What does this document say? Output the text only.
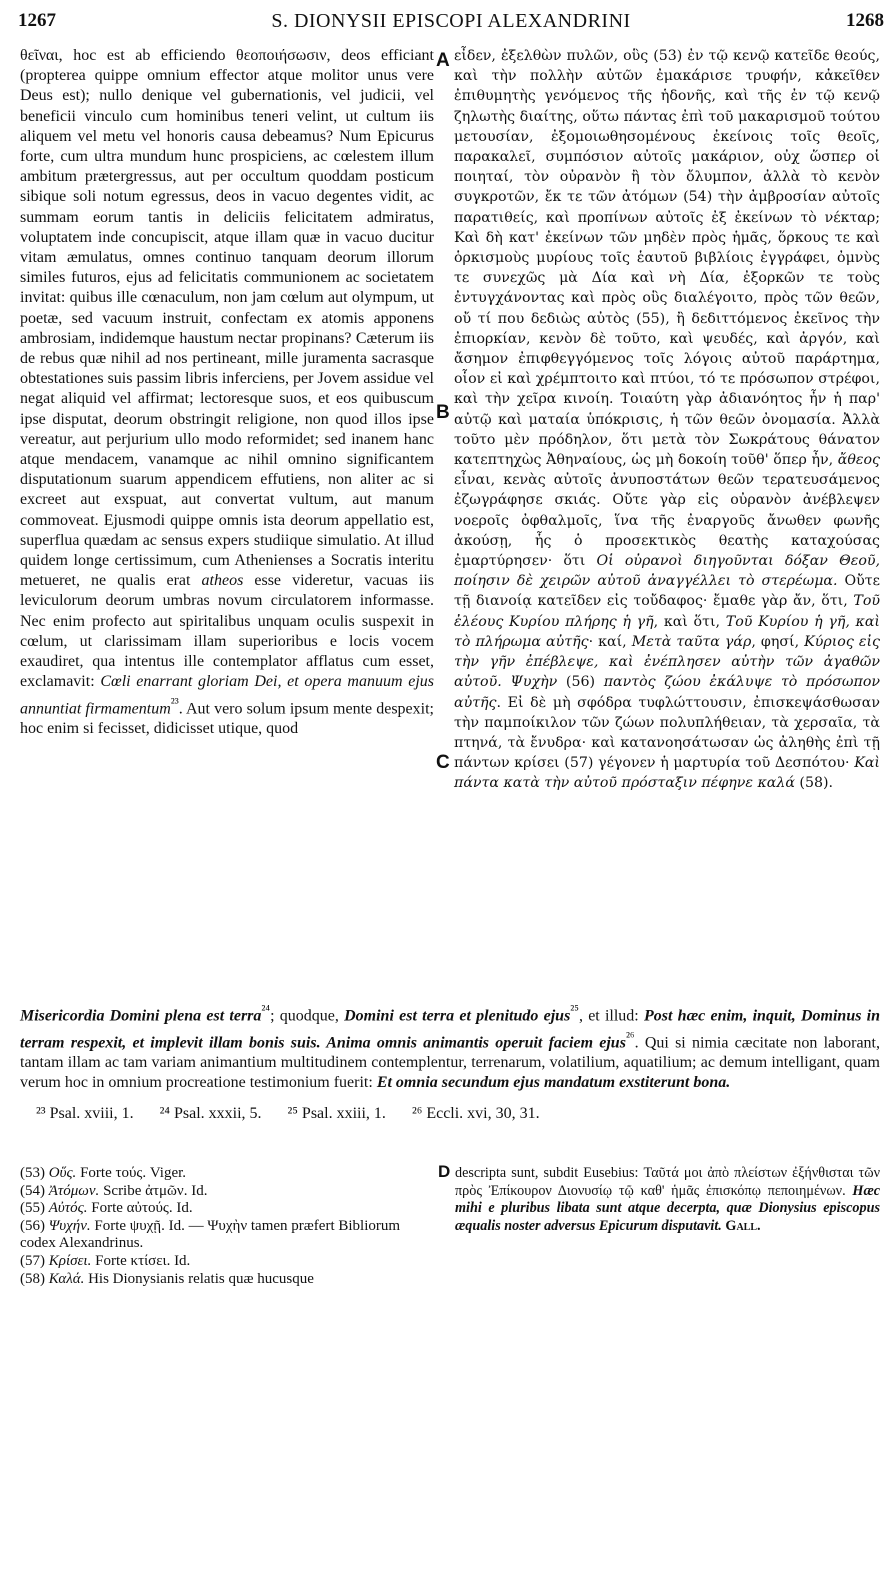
1267	S. DIONYSII EPISCOPI ALEXANDRINI	1268
A
B
C

θεῖναι, hoc est ab efficiendo θεοποιήσωσιν, deos efficiant (propterea quippe omnium effector atque molitor unus vere Deus est); nullo denique vel gubernationis, vel judicii, vel beneficii vinculo cum hominibus teneri velint, ut cultum iis aliquem vel metu vel honoris causa debeamus? Num Epicurus forte, cum ultra mundum hunc prospiciens, ac cœlestem illum ambitum prætergressus, aut per occultum quoddam posticum sibique soli notum egressus, deos in vacuo degentes vidit, ac summam eorum tantis in deliciis felicitatem admiratus, voluptatem inde concupiscit, atque illam quæ in vacuo ducitur vitam æmulatus, omnes continuo tanquam deorum illorum similes futuros, ejus ad felicitatis communionem ac societatem invitat: quibus ille cœnaculum, non jam cœlum aut olympum, ut poetæ, sed vacuum instruit, confectam ex atomis apponens ambrosiam, indidemque haustum nectar propinans? Cæterum iis de rebus quæ nihil ad nos pertineant, mille juramenta sacrasque obtestationes suis passim libris inferciens, per Jovem assidue vel negat aliquid vel affirmat; lectoresque suos, et eos quibuscum ipse disputat, deorum obstringit religione, non quod illos ipse vereatur, aut perjurium ullo modo reformidet; sed inanem hanc atque mendacem, vanamque ac nihil omnino significantem disputationum suarum appendicem effutiens, non aliter ac si excreet aut exspuat, aut convertat vultum, aut manum commoveat. Ejusmodi quippe omnis ista deorum appellatio est, superflua quædam ac sensus expers studiique simulatio. At illud quidem longe certissimum, cum Athenienses a Socratis interitu metueret, ne qualis erat atheos esse videretur, vacuas iis leviculorum deorum umbras novum circulatorem informasse. Nec enim profecto aut spiritalibus unquam oculis suspexit in cœlum, ut clarissimam illam superioribus e locis vocem exaudiret, qua intentus ille contemplator afflatus cum esset, exclamavit: Cœli enarrant gloriam Dei, et opera manuum ejus annuntiat firmamentum$^{^{23}}$. Aut vero solum ipsum mente despexit; hoc enim si fecisset, didicisset utique, quod

εἶδεν, ἐξελθὼν πυλῶν, οὓς (53) ἐν τῷ κενῷ κατεῖδε θεούς, καὶ τὴν πολλὴν αὐτῶν ἐμακάρισε τρυφήν, κἀκεῖθεν ἐπιθυμητὴς γενόμενος τῆς ἡδονῆς, καὶ τῆς ἐν τῷ κενῷ ζηλωτὴς διαίτης, οὕτω πάντας ἐπὶ τοῦ μακαρισμοῦ τούτου μετουσίαν, ἐξομοιωθησομένους ἐκείνοις τοῖς θεοῖς, παρακαλεῖ, συμπόσιον αὐτοῖς μακάριον, οὐχ ὥσπερ οἱ ποιηταί, τὸν οὐρανὸν ἢ τὸν ὄλυμπον, ἀλλὰ τὸ κενὸν συγκροτῶν, ἔκ τε τῶν ἀτόμων (54) τὴν ἀμβροσίαν αὐτοῖς παρατιθείς, καὶ προπίνων αὐτοῖς ἐξ ἐκείνων τὸ νέκταρ; Καὶ δὴ κατ' ἐκείνων τῶν μηδὲν πρὸς ἡμᾶς, ὅρκους τε καὶ ὁρκισμοὺς μυρίους τοῖς ἑαυτοῦ βιβλίοις ἐγγράφει, ὀμνὺς τε συνεχῶς μὰ Δία καὶ νὴ Δία, ἐξορκῶν τε τοὺς ἐντυγχάνοντας καὶ πρὸς οὓς διαλέγοιτο, πρὸς τῶν θεῶν, οὔ τί που δεδιὼς αὐτὸς (55), ἢ δεδιττόμενος ἐκεῖνος τὴν ἐπιορκίαν, κενὸν δὲ τοῦτο, καὶ ψευδές, καὶ ἀργόν, καὶ ἄσημον ἐπιφθεγγόμενος τοῖς λόγοις αὐτοῦ παράρτημα, οἷον εἰ καὶ χρέμπτοιτο καὶ πτύοι, τό τε πρόσωπον στρέφοι, καὶ τὴν χεῖρα κινοίη. Τοιαύτη γὰρ ἀδιανόητος ἦν ἡ παρ' αὐτῷ καὶ ματαία ὑπόκρισις, ἡ τῶν θεῶν ὀνομασία. Ἀλλὰ τοῦτο μὲν πρόδηλον, ὅτι μετὰ τὸν Σωκράτους θάνατον κατεπτηχὼς Ἀθηναίους, ὡς μὴ δοκοίη τοῦθ' ὅπερ ἦν, ἄθεος εἶναι, κενὰς αὐτοῖς ἀνυποστάτων θεῶν τερατευσάμενος ἐζωγράφησε σκιάς. Οὔτε γὰρ εἰς οὐρανὸν ἀνέβλεψεν νοεροῖς ὀφθαλμοῖς, ἵνα τῆς ἐναργοῦς ἄνωθεν φωνῆς ἀκούσῃ, ἧς ὁ προσεκτικὸς θεατὴς καταχούσας ἐμαρτύρησεν· ὅτι Οἱ οὐρανοὶ διηγοῦνται δόξαν Θεοῦ, ποίησιν δὲ χειρῶν αὐτοῦ ἀναγγέλλει τὸ στερέωμα. Οὔτε τῇ διανοίᾳ κατεῖδεν εἰς τοὔδαφος· ἔμαθε γὰρ ἄν, ὅτι, Τοῦ ἐλέους Κυρίου πλήρης ἡ γῆ, καὶ ὅτι, Τοῦ Κυρίου ἡ γῆ, καὶ τὸ πλήρωμα αὐτῆς· καί, Μετὰ ταῦτα γάρ, φησί, Κύριος εἰς τὴν γῆν ἐπέβλεψε, καὶ ἐνέπλησεν αὐτὴν τῶν ἀγαθῶν αὐτοῦ. Ψυχὴν (56) παντὸς ζώου ἐκάλυψε τὸ πρόσωπον αὐτῆς. Εἰ δὲ μὴ σφόδρα τυφλώττουσιν, ἐπισκεψάσθωσαν τὴν παμποίκιλον τῶν ζώων πολυπλήθειαν, τὰ χερσαῖα, τὰ πτηνά, τὰ ἔνυδρα· καὶ κατανοησάτωσαν ὡς ἀληθὴς ἐπὶ τῇ πάντων κρίσει (57) γέγονεν ἡ μαρτυρία τοῦ Δεσπότου· Καὶ πάντα κατὰ τὴν αὐτοῦ πρόσταξιν πέφηνε καλά (58).

Misericordia Domini plena est terra$^{^{24}}$; quodque, Domini est terra et plenitudo ejus$^{^{25}}$, et illud: Post hæc enim, inquit, Dominus in terram respexit, et implevit illam bonis suis. Anima omnis animantis operuit faciem ejus$^{^{26}}$. Qui si nimia cæcitate non laborant, tantam illam ac tam variam animantium multitudinem contemplentur, terrenarum, volatilium, aquatilium; ac demum intelligant, quam verum hoc in omnium procreatione testimonium fuerit: Et omnia secundum ejus mandatum exstiterunt bona.

²³ Psal. xviii, 1. ²⁴ Psal. xxxii, 5. ²⁵ Psal. xxiii, 1. ²⁶ Eccli. xvi, 30, 31.
D

(53) Οὕς. Forte τούς. Viger.

(54) Ἀτόμων. Scribe ἀτμῶν. Id.

(55) Αὐτός. Forte αὐτούς. Id.

(56) Ψυχήν. Forte ψυχῇ. Id. — Ψυχὴν tamen præfert Bibliorum codex Alexandrinus.

(57) Κρίσει. Forte κτίσει. Id.

(58) Καλά. His Dionysianis relatis quæ hucusque

descripta sunt, subdit Eusebius: Ταῦτά μοι ἀπὸ πλείστων ἐξήνθισται τῶν πρὸς Ἐπίκουρον Διονυσίῳ τῷ καθ' ἡμᾶς ἐπισκόπῳ πεποιημένων. Hæc mihi e pluribus libata sunt atque decerpta, quæ Dionysius episcopus æqualis noster adversus Epicurum disputavit. Gall.
